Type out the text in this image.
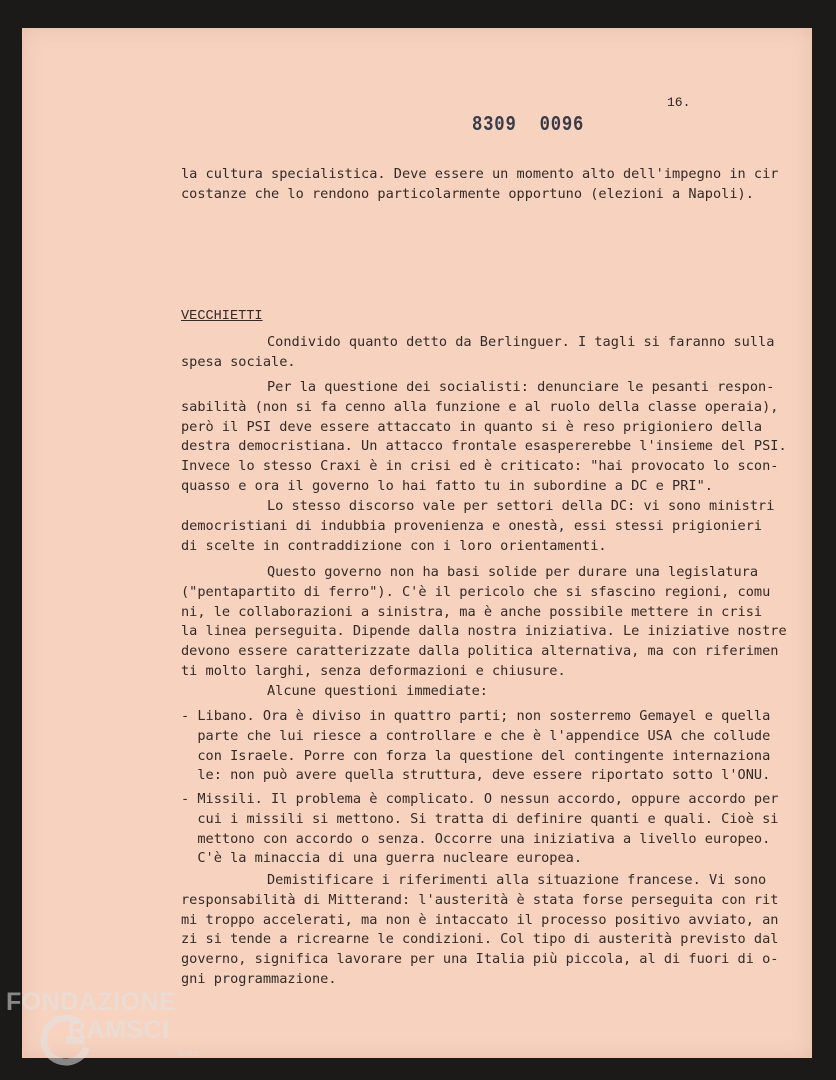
16.
8309 0096
la cultura specialistica. Deve essere un momento alto dell'impegno in cir
costanze che lo rendono particolarmente opportuno (elezioni a Napoli).
VECCHIETTI
Condivido quanto detto da Berlinguer. I tagli si faranno sulla
spesa sociale.
Per la questione dei socialisti: denunciare le pesanti respon-
sabilità (non si fa cenno alla funzione e al ruolo della classe operaia),
però il PSI deve essere attaccato in quanto si è reso prigioniero della
destra democristiana. Un attacco frontale esaspererebbe l'insieme del PSI.
Invece lo stesso Craxi è in crisi ed è criticato: "hai provocato lo scon-
quasso e ora il governo lo hai fatto tu in subordine a DC e PRI".
Lo stesso discorso vale per settori della DC: vi sono ministri
democristiani di indubbia provenienza e onestà, essi stessi prigionieri
di scelte in contraddizione con i loro orientamenti.
Questo governo non ha basi solide per durare una legislatura
("pentapartito di ferro"). C'è il pericolo che si sfascino regioni, comu
ni, le collaborazioni a sinistra, ma è anche possibile mettere in crisi
la linea perseguita. Dipende dalla nostra iniziativa. Le iniziative nostre
devono essere caratterizzate dalla politica alternativa, ma con riferimen
ti molto larghi, senza deformazioni e chiusure.
Alcune questioni immediate:
- Libano. Ora è diviso in quattro parti; non sosterremo Gemayel e quella
parte che lui riesce a controllare e che è l'appendice USA che collude
con Israele. Porre con forza la questione del contingente internaziona
le: non può avere quella struttura, deve essere riportato sotto l'ONU.
- Missili. Il problema è complicato. O nessun accordo, oppure accordo per
cui i missili si mettono. Si tratta di definire quanti e quali. Cioè si
mettono con accordo o senza. Occorre una iniziativa a livello europeo.
C'è la minaccia di una guerra nucleare europea.
Demistificare i riferimenti alla situazione francese. Vi sono
responsabilità di Mitterand: l'austerità è stata forse perseguita con rit
mi troppo accelerati, ma non è intaccato il processo positivo avviato, an
zi si tende a ricrearne le condizioni. Col tipo di austerità previsto dal
governo, significa lavorare per una Italia più piccola, al di fuori di o-
gni programmazione.
FONDAZIONE
RAMSCI
onlus
